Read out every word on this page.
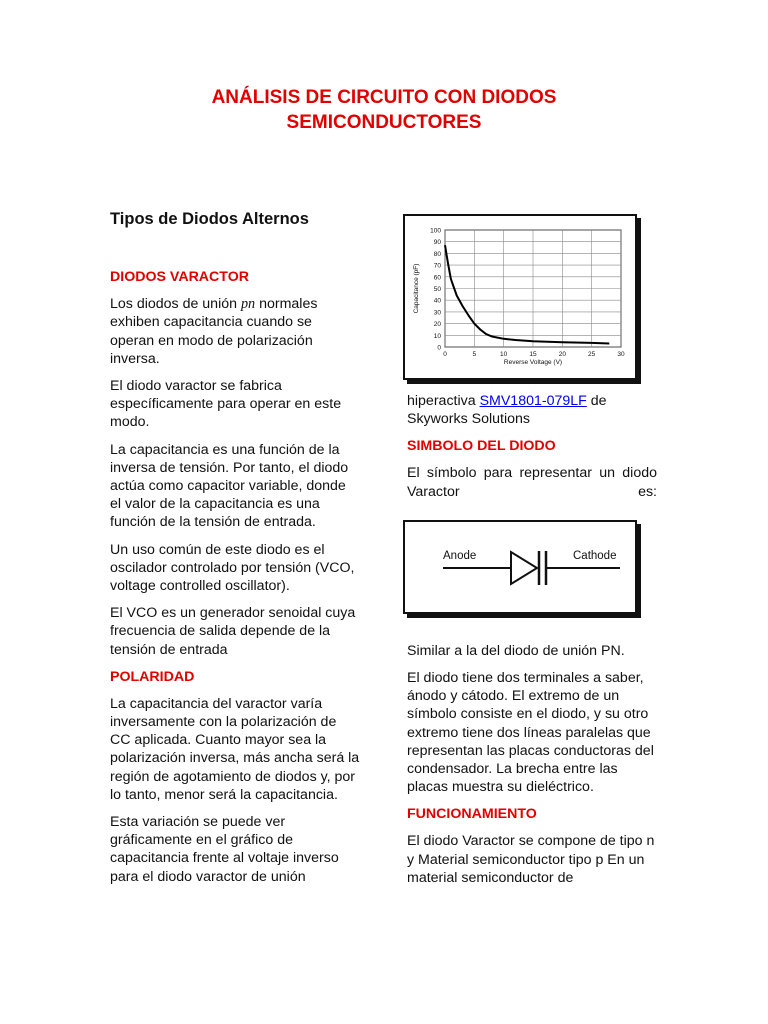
ANÁLISIS DE CIRCUITO CON DIODOS
SEMICONDUCTORES
Tipos de Diodos Alternos
DIODOS VARACTOR

Los diodos de unión pn normales exhiben capacitancia cuando se operan en modo de polarización inversa.

El diodo varactor se fabrica específicamente para operar en este modo.

La capacitancia es una función de la inversa de tensión. Por tanto, el diodo actúa como capacitor variable, donde el valor de la capacitancia es una función de la tensión de entrada.

Un uso común de este diodo es el oscilador controlado por tensión (VCO, voltage controlled oscillator).

El VCO es un generador senoidal cuya frecuencia de salida depende de la tensión de entrada

POLARIDAD

La capacitancia del varactor varía inversamente con la polarización de CC aplicada. Cuanto mayor sea la polarización inversa, más ancha será la región de agotamiento de diodos y, por lo tanto, menor será la capacitancia.

Esta variación se puede ver gráficamente en el gráfico de capacitancia frente al voltaje inverso para el diodo varactor de unión

0
10
20
30
40
50
60
70
80
90
100
0	5	10	15	20	25	30
Reverse Voltage (V)
Capacitance (pF)

hiperactiva SMV1801-079LF de Skyworks Solutions

SIMBOLO DEL DIODO

El símbolo para representar un diodo Varactor es:

Similar a la del diodo de unión PN.

El diodo tiene dos terminales a saber, ánodo y cátodo. El extremo de un símbolo consiste en el diodo, y su otro extremo tiene dos líneas paralelas que representan las placas conductoras del condensador. La brecha entre las placas muestra su dieléctrico.

FUNCIONAMIENTO

El diodo Varactor se compone de tipo n y Material semiconductor tipo p En un material semiconductor de

Anode	Cathode
